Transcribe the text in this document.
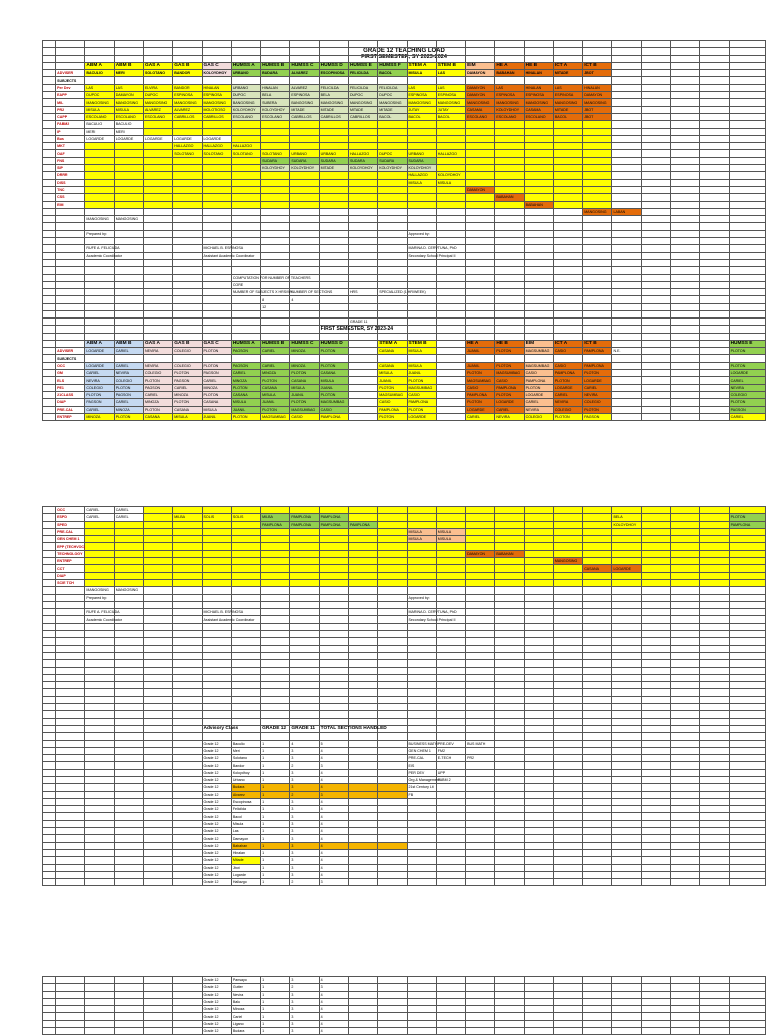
GRADE 12 TEACHING LOAD
FIRST SEMESTER, SY 2023-2024

		ABM A	ABM B	GAS A	GAS B	GAS C	HUMSS A	HUMSS B	HUMSS C	HUMSS D	HUMSS E	HUMSS F	STEM A	STEM B	EIM	HE A	HE B	ICT A	ICT B					
	ADVISER	BACULIO	MERI	SOLOTANO	BANDOR	KOLOYDHOY	URBANO	BUDARA	ALVAREZ	ESCOPINOSA	FELICILDA	BACOL	MISULA	LAS	DAMAYON	BABAHAN	HINALAN	MITADE	JBOT					
	SUBJECTS																							
	Per Dev	LAS	LAS	ELVIRA	BANDOR	HINALAN	URBANO	HINALAN	ALVAREZ	FELICILDA	FELICILDA	FELICILDA	LAS	LAS	DAMAYON	LAS	HINALAN	LAS	HINALAN					
	EAPP	DUPOC	DAMAYON	DUPOC	ESPINOSA	ESPINOSA	DUPOC	BELA	ESPINOSA	BELA	DUPOC	DUPOC	ESPINOSA	ESPINOSA	DAMAYON	ESPINOSA	ESPINOSA	ESPINOSA	DAMAYON					
	MIL	MANGOSING	MANGOSING	MANGOSING	MANGOSING	MANGOSING	BANGOSING	SUBERA	BANGOSING	MANGOSING	MANGOSING	MANGOSING	MANGOSING	MANGOSING	MANGOSING	MANGOSING	MANGOSING	MANGOSING	MANGOSING					
	PR2	MISULA	MISULA	ALVAREZ	ALVAREZ	MOLOTIOSO	KOLOYDHOY	KOLOYDHOY	MITADE	MITADE	MITADE	MITADE	JUTAY	JUTAY	CASAMA	KOLOYDHOY	CASAMA	MITADE	JBOT					
	CAPP	ESCOLANO	ESCOLANO	ESCOLANO	CABRILLOS	CABRILLOS	ESCOLANO	ESCOLANO	CABRILLOS	CABRILLOS	CABRILLOS	BACOL	BACOL	BACOL	ESCOLANO	ESCOLANO	ESCOLANO	BACOL	JBOT					
	FABM2	BACULIO	BACULIO																					
	IP	MERI	MERI																					
	Bus	LOGARDE	LOGARDE	LOGARDE	LOGARDE	LOGARDE																		
	MKT				HALLAZGO	HALLAZGO	HALLAZGO																	
	OAF				SOLOTANO	SOLOTANO	SOLOTANO	SOLOTANO	URBANO	URBANO	HALLAZGO	DUPOC	URBANO	HALLAZGO										
	FNS							SUDARA	SUDARA	SUDARA	SUDARA	SUDARA	SUDARA											
	SIP							KOLOYDHOY	KOLOYDHOY	MITADE	KOLOYDHOY	KOLOYDHOY	KOLOYDHOY											
	DRRR												HALLAZGO	KOLOYDHOY										
	DISS												MISULA	MISULA										
	TNC														DAMAYON									
	CSS															BABAHAN								
	EIM																BABAHAN							
																			MANGOSING	LABAN				
		MANGOSING	MANGOSING																					

		Prepared by:											Approved by:											

		RUFE A. FELICILDA				MICHAEL B. ESPINOSA							MARINA D. CERVTUNA, PhD											
		Academic Coordinator				Assistant Academic Coordinator							Secondary School Principal II											

							COMPUTATION FOR NUMBER OF TEACHERS																	
							CORE																	
							NUMBER OF SUBJECTS X HRS/WK		NUMBER OF SECTIONS		HRS	SPECIALIZED (1 HR/WEEK)												
								8	4															
								12																

											GRADE 11													
										FIRST SEMESTER, SY 2023-24														

		ABM A	ABM B	GAS A	GAS B	GAS C	HUMSS A	HUMSS B	HUMSS C	HUMSS D		STEM A	STEM B		HE A	HE B	EIM	ICT A	ICT B					HUMSS E
	ADVISER	LOGARDE	CARIEL	NEVIRA	COLEGIO	PLOTON	PAGSON	CARIEL	MINOZA	PLOTON		CASANA	MISULA		JUANIL	PLOTON	MAGSUMBAG	CASIO	PAMPLONA	N.E.				PLOTON
	SUBJECTS																							
	OCC	LOGARDE	CARIEL	NEVIRA	COLEGIO	PLOTON	PAGSON	CARIEL	MINOZA	PLOTON		CASANA	MISULA		JUANIL	PLOTON	MAGSUMBAG	CASIO	PAMPLONA					PLOTON
	GM	CARIEL	NEVIRA	COLEGIO	PLOTON	PAGSON	CARIEL	MINOZA	PLOTON	CASANA		MISULA	JUANIL		PLOTON	MAGSUMBAG	CASIO	PAMPLONA	PLOTON					LOGARDE
	ELS	NEVIRA	COLEGIO	PLOTON	PAGSON	CARIEL	MINOZA	PLOTON	CASANA	MISULA		JUANIL	PLOTON		MAGSUMBAG	CASIO	PAMPLONA	PLOTON	LOGARDE					CARIEL
	PE1	COLEGIO	PLOTON	PAGSON	CARIEL	MINOZA	PLOTON	CASANA	MISULA	JUANIL		PLOTON	MAGSUMBAG		CASIO	PAMPLONA	PLOTON	LOGARDE	CARIEL					NEVIRA
	21CLASS	PLOTON	PAGSON	CARIEL	MINOZA	PLOTON	CASANA	MISULA	JUANIL	PLOTON		MAGSUMBAG	CASIO		PAMPLONA	PLOTON	LOGARDE	CARIEL	NEVIRA					COLEGIO
	DIAP	PAGSON	CARIEL	MINOZA	PLOTON	CASANA	MISULA	JUANIL	PLOTON	MAGSUMBAG		CASIO	PAMPLONA		PLOTON	LOGARDE	CARIEL	NEVIRA	COLEGIO					PLOTON
	PRE-CAL	CARIEL	MINOZA	PLOTON	CASANA	MISULA	JUANIL	PLOTON	MAGSUMBAG	CASIO		PAMPLONA	PLOTON		LOGARDE	CARIEL	NEVIRA	COLEGIO	PLOTON					PAGSON
	ENTREP	MINOZA	PLOTON	CASANA	MISULA	JUANIL	PLOTON	MAGSUMBAG	CASIO	PAMPLONA		PLOTON	LOGARDE		CARIEL	NEVIRA	COLEGIO	PLOTON	PAGSON					CARIEL
	OCC	CARIEL	CARIEL																					
	ESPD	CARIEL	CARIEL		MILBA	SOLIS	SOLIS	MILBA	PAMPLONA	PAMPLONA										BELA				PLOTON
	SPED							PAMPLONA	PAMPLONA	PAMPLONA	PAMPLONA									KOLOYDHOY				PAMPLONA
	PRE-CAL												MISULA	MISULA										
	GEN CHEM 1												MISULA	MISULA										
	EPP (TECHVOC)																							
	TECHNOLOGY														DAMAYON	BABAHAN								
	ENTREP																	MANGOSING						
	CCT																		CASANA	LOGARDE				
	DIAP																							
	SCIE TCH																							
		MANGOSING	MANGOSING																					
		Prepared by:											Approved by:											

		RUFE A. FELICILDA				MICHAEL B. ESPINOSA							MARINA D. CERVTUNA, PhD											
		Academic Coordinator				Assistant Academic Coordinator							Secondary School Principal II											

						Advisory Class		GRADE 12	GRADE 11	TOTAL SECTIONS HANDLED														

						Grade 12	Baculio	1	4	5			BUSINESS MATH	PRE-DEV	BUS MATH									
						Grade 12	Meri	1	3	4			GEN CHEM 1	FM2										
						Grade 12	Solotano	1	3	4			PRE-CAL	E-TECH	PR2									
						Grade 12	Bandor	1	2	3			EIS											
						Grade 12	Koloydhoy	1	3	4			PER DEV	UPP										
						Grade 12	Urbano	1	3	4			Org & Management	FABM 2										
						Grade 12	Budara	1	3	4			21st Century Lit											
						Grade 12	Alvarez	1	2	3			FB											
						Grade 12	Escopinosa	1	3	4														
						Grade 12	Felicilda	1	3	4														
						Grade 12	Bacol	1	3	4														
						Grade 12	Misula	1	3	4														
						Grade 12	Las	1	3	4														
						Grade 12	Damayon	1	3	4														
						Grade 12	Babahan	1	3	4														
						Grade 12	Hinalan	1	3	4														
						Grade 12	Mitade	1	3	4														
						Grade 12	Jbot	1	3	4														
						Grade 12	Logarde	1	3	4														
						Grade 12	Hallazgo	1	2	3														

						Grade 12	Pansayo	1	3	4														
						Grade 12	Gutter	1	2	3														
						Grade 12	Nevira	1	3	4														
						Grade 12	Balu	1	3	4														
						Grade 12	Minoza	1	3	4														
						Grade 12	Cariel	1	3	4														
						Grade 12	Ligano	1	3	4														
						Grade 12	Budara	1	3	4														
